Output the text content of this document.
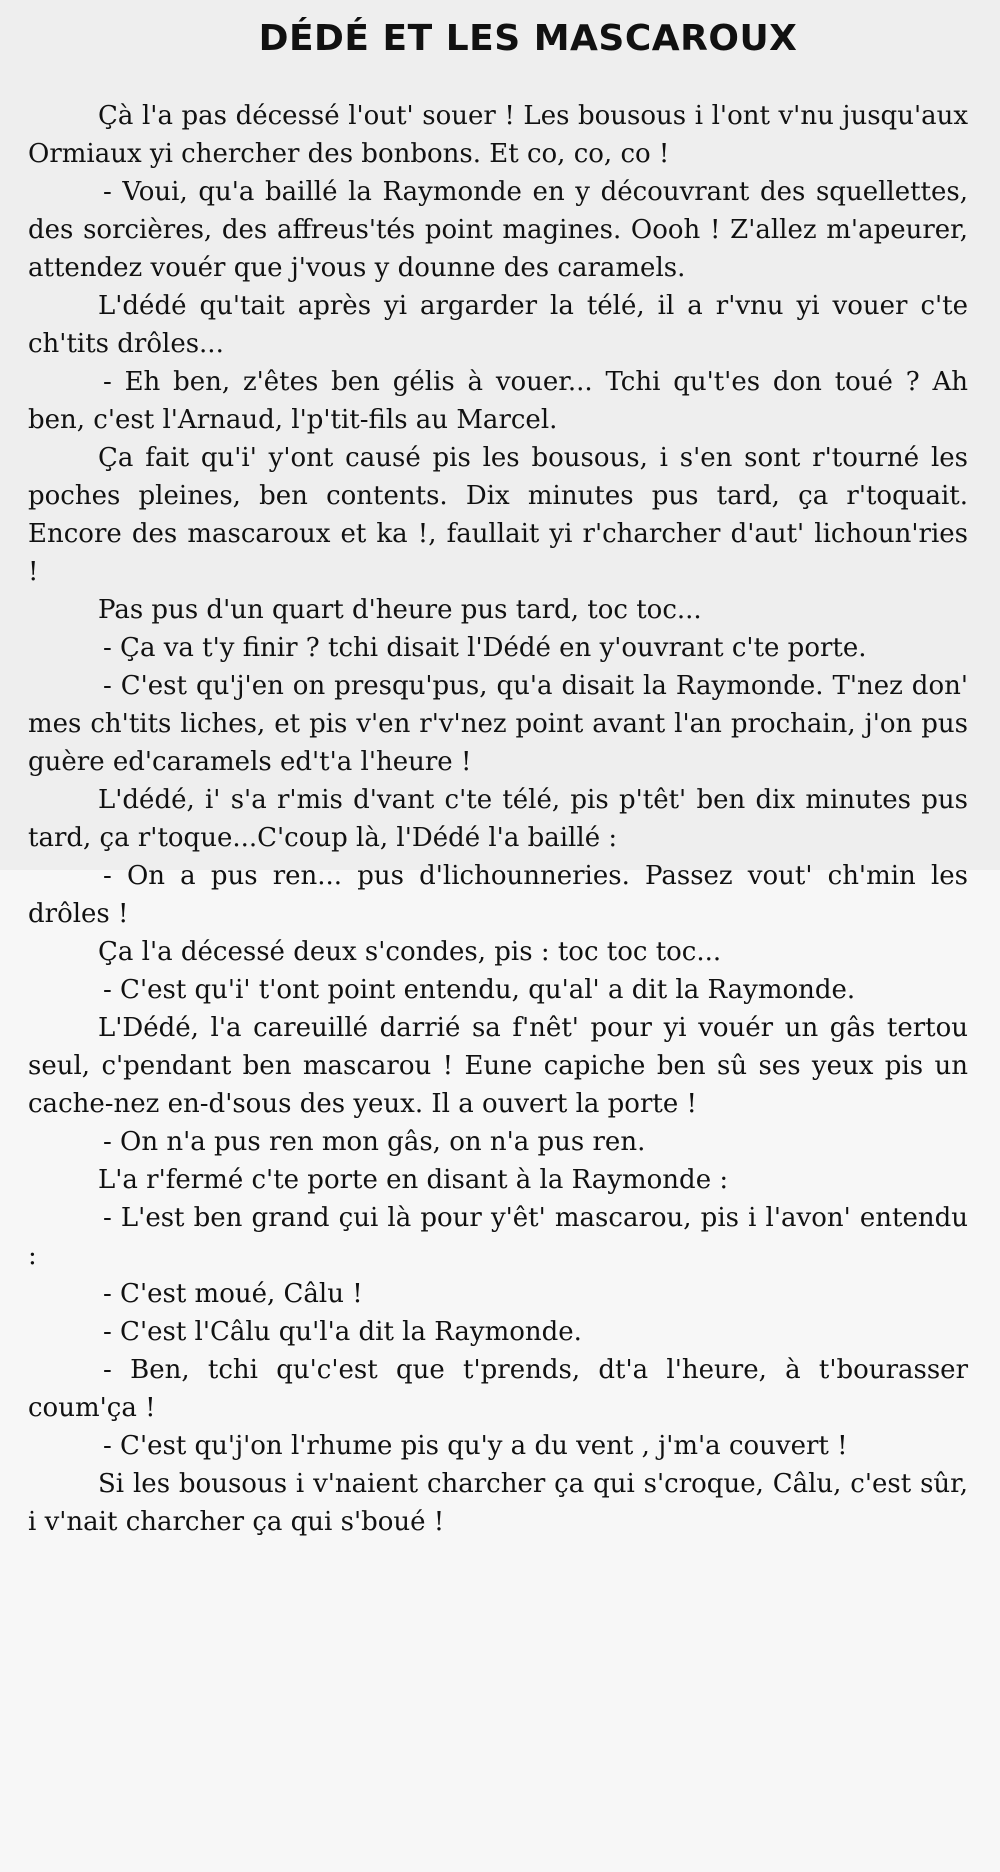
DÉDÉ ET LES MASCAROUX

Çà l'a pas décessé l'out' souer ! Les bousous i l'ont v'nu jusqu'aux Ormiaux yi chercher des bonbons. Et co, co, co !

- Voui, qu'a baillé la Raymonde en y découvrant des squellettes, des sorcières, des affreus'tés point magines. Oooh ! Z'allez m'apeurer, attendez vouér que j'vous y dounne des caramels.

L'dédé qu'tait après yi argarder la télé, il a r'vnu yi vouer c'te ch'tits drôles...

- Eh ben, z'êtes ben gélis à vouer... Tchi qu't'es don toué ? Ah ben, c'est l'Arnaud, l'p'tit-fils au Marcel.

Ça fait qu'i' y'ont causé pis les bousous, i s'en sont r'tourné les poches pleines, ben contents. Dix minutes pus tard, ça r'toquait. Encore des mascaroux et ka !, faullait yi r'charcher d'aut' lichoun'ries !

Pas pus d'un quart d'heure pus tard, toc toc...

- Ça va t'y finir ? tchi disait l'Dédé en y'ouvrant c'te porte.

- C'est qu'j'en on presqu'pus, qu'a disait la Raymonde. T'nez don' mes ch'tits liches, et pis v'en r'v'nez point avant l'an prochain, j'on pus guère ed'caramels ed't'a l'heure !

L'dédé, i' s'a r'mis d'vant c'te télé, pis p'têt' ben dix minutes pus tard, ça r'toque...C'coup là, l'Dédé l'a baillé :

- On a pus ren... pus d'lichounneries. Passez vout' ch'min les drôles !

Ça l'a décessé deux s'condes, pis : toc toc toc...

- C'est qu'i' t'ont point entendu, qu'al' a dit la Raymonde.

L'Dédé, l'a careuillé darrié sa f'nêt' pour yi vouér un gâs tertou seul, c'pendant ben mascarou ! Eune capiche ben sû ses yeux pis un cache-nez en-d'sous des yeux. Il a ouvert la porte !

- On n'a pus ren mon gâs, on n'a pus ren.

L'a r'fermé c'te porte en disant à la Raymonde :

- L'est ben grand çui là pour y'êt' mascarou, pis i l'avon' entendu :

- C'est moué, Câlu !

- C'est l'Câlu qu'l'a dit la Raymonde.

- Ben, tchi qu'c'est que t'prends, dt'a l'heure, à t'bourasser coum'ça !

- C'est qu'j'on l'rhume pis qu'y a du vent , j'm'a couvert !

Si les bousous i v'naient charcher ça qui s'croque, Câlu, c'est sûr, i v'nait charcher ça qui s'boué !
